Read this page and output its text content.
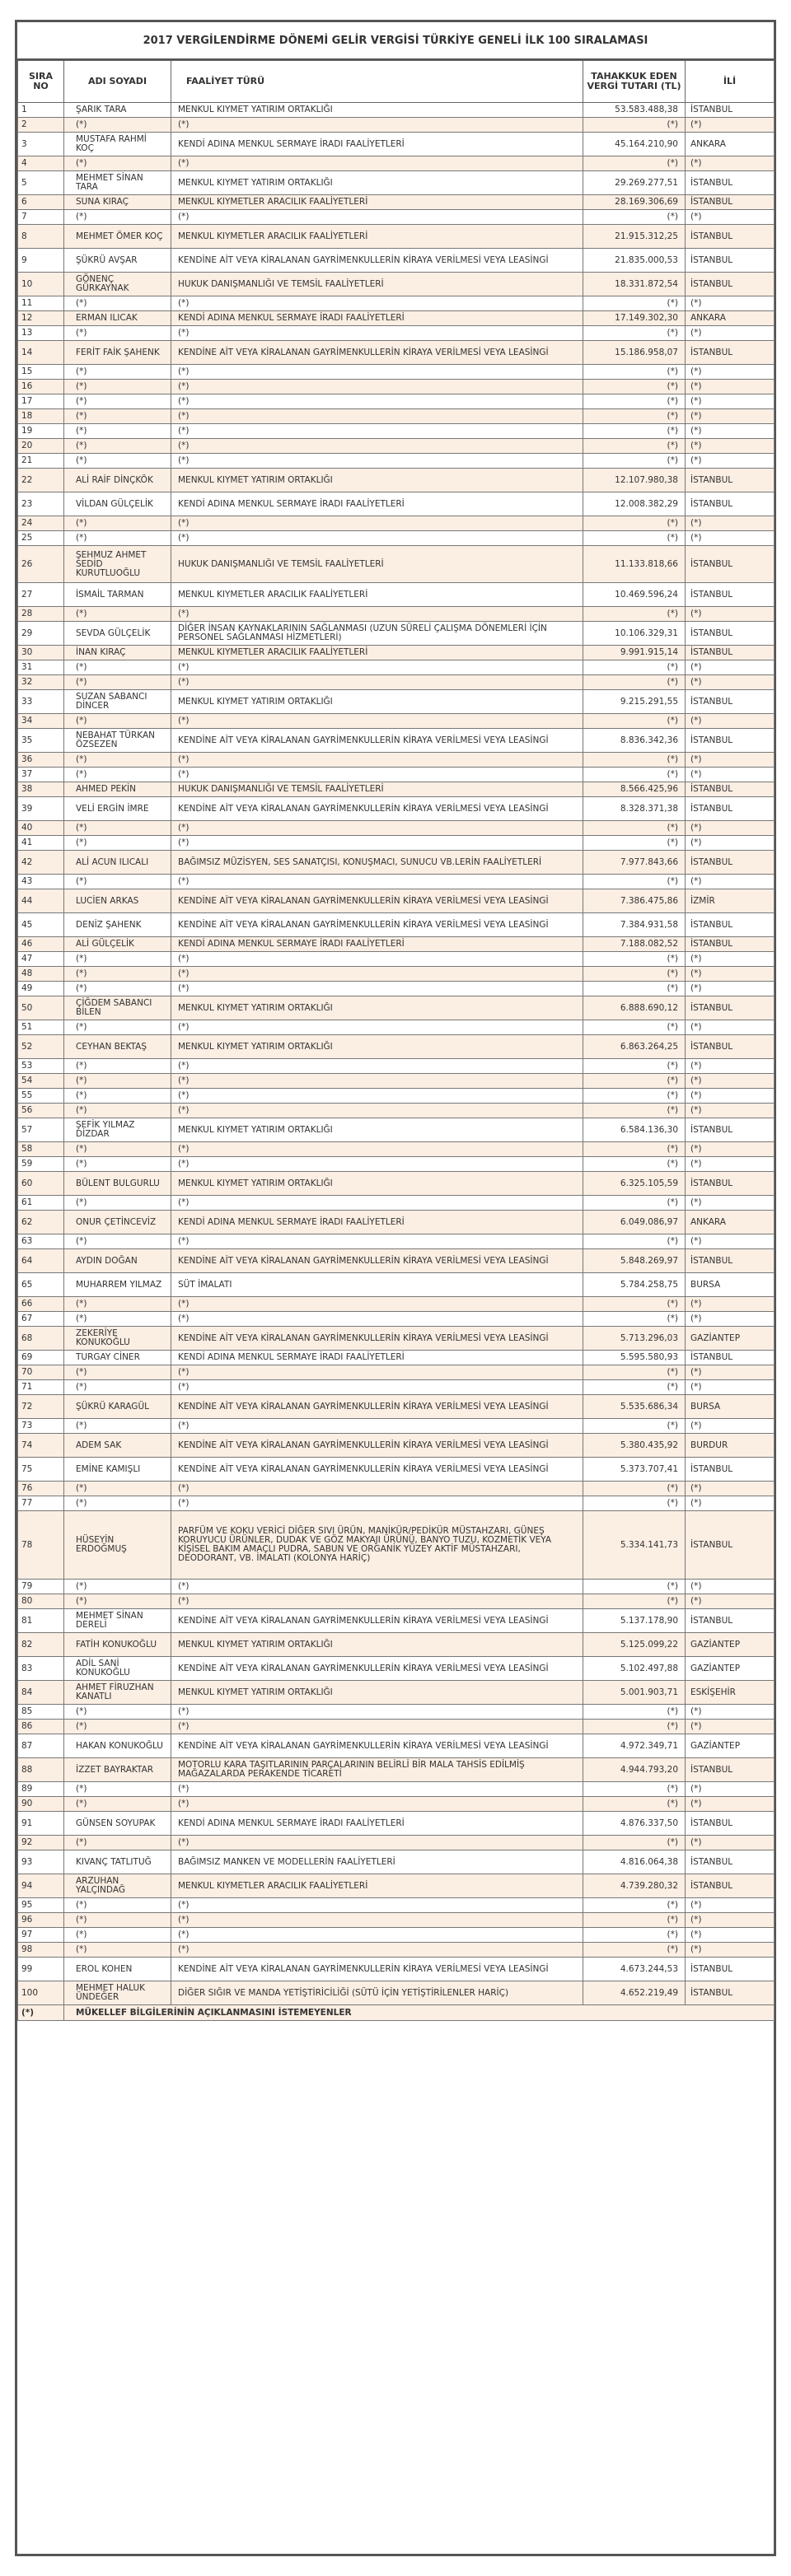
2017 VERGİLENDİRME DÖNEMİ GELİR VERGİSİ TÜRKİYE GENELİ İLK 100 SIRALAMASI
SIRA NO	ADI SOYADI	FAALİYET TÜRÜ	TAHAKKUK EDEN VERGİ TUTARI (TL)	İLİ
1	ŞARIK TARA	MENKUL KIYMET YATIRIM ORTAKLIĞI	53.583.488,38	İSTANBUL
2	(*)	(*)	(*)	(*)
3	MUSTAFA RAHMİ KOÇ	KENDİ ADINA MENKUL SERMAYE İRADI FAALİYETLERİ	45.164.210,90	ANKARA
4	(*)	(*)	(*)	(*)
5	MEHMET SİNAN TARA	MENKUL KIYMET YATIRIM ORTAKLIĞI	29.269.277,51	İSTANBUL
6	SUNA KIRAÇ	MENKUL KIYMETLER ARACILIK FAALİYETLERİ	28.169.306,69	İSTANBUL
7	(*)	(*)	(*)	(*)
8	MEHMET ÖMER KOÇ	MENKUL KIYMETLER ARACILIK FAALİYETLERİ	21.915.312,25	İSTANBUL
9	ŞÜKRÜ AVŞAR	KENDİNE AİT VEYA KİRALANAN GAYRİMENKULLERİN KİRAYA VERİLMESİ VEYA LEASİNGİ	21.835.000,53	İSTANBUL
10	GÖNENÇ GÜRKAYNAK	HUKUK DANIŞMANLIĞI VE TEMSİL FAALİYETLERİ	18.331.872,54	İSTANBUL
11	(*)	(*)	(*)	(*)
12	ERMAN ILICAK	KENDİ ADINA MENKUL SERMAYE İRADI FAALİYETLERİ	17.149.302,30	ANKARA
13	(*)	(*)	(*)	(*)
14	FERİT FAİK ŞAHENK	KENDİNE AİT VEYA KİRALANAN GAYRİMENKULLERİN KİRAYA VERİLMESİ VEYA LEASİNGİ	15.186.958,07	İSTANBUL
15	(*)	(*)	(*)	(*)
16	(*)	(*)	(*)	(*)
17	(*)	(*)	(*)	(*)
18	(*)	(*)	(*)	(*)
19	(*)	(*)	(*)	(*)
20	(*)	(*)	(*)	(*)
21	(*)	(*)	(*)	(*)
22	ALİ RAİF DİNÇKÖK	MENKUL KIYMET YATIRIM ORTAKLIĞI	12.107.980,38	İSTANBUL
23	VİLDAN GÜLÇELİK	KENDİ ADINA MENKUL SERMAYE İRADI FAALİYETLERİ	12.008.382,29	İSTANBUL
24	(*)	(*)	(*)	(*)
25	(*)	(*)	(*)	(*)
26	ŞEHMUZ AHMET SEDİD KURUTLUOĞLU	HUKUK DANIŞMANLIĞI VE TEMSİL FAALİYETLERİ	11.133.818,66	İSTANBUL
27	İSMAİL TARMAN	MENKUL KIYMETLER ARACILIK FAALİYETLERİ	10.469.596,24	İSTANBUL
28	(*)	(*)	(*)	(*)
29	SEVDA GÜLÇELİK	DİĞER İNSAN KAYNAKLARININ SAĞLANMASI (UZUN SÜRELİ ÇALIŞMA DÖNEMLERİ İÇİN PERSONEL SAĞLANMASI HİZMETLERİ)	10.106.329,31	İSTANBUL
30	İNAN KIRAÇ	MENKUL KIYMETLER ARACILIK FAALİYETLERİ	9.991.915,14	İSTANBUL
31	(*)	(*)	(*)	(*)
32	(*)	(*)	(*)	(*)
33	SUZAN SABANCI DİNCER	MENKUL KIYMET YATIRIM ORTAKLIĞI	9.215.291,55	İSTANBUL
34	(*)	(*)	(*)	(*)
35	NEBAHAT TÜRKAN ÖZSEZEN	KENDİNE AİT VEYA KİRALANAN GAYRİMENKULLERİN KİRAYA VERİLMESİ VEYA LEASİNGİ	8.836.342,36	İSTANBUL
36	(*)	(*)	(*)	(*)
37	(*)	(*)	(*)	(*)
38	AHMED PEKİN	HUKUK DANIŞMANLIĞI VE TEMSİL FAALİYETLERİ	8.566.425,96	İSTANBUL
39	VELİ ERGİN İMRE	KENDİNE AİT VEYA KİRALANAN GAYRİMENKULLERİN KİRAYA VERİLMESİ VEYA LEASİNGİ	8.328.371,38	İSTANBUL
40	(*)	(*)	(*)	(*)
41	(*)	(*)	(*)	(*)
42	ALİ ACUN ILICALI	BAĞIMSIZ MÜZİSYEN, SES SANATÇISI, KONUŞMACI, SUNUCU VB.LERİN FAALİYETLERİ	7.977.843,66	İSTANBUL
43	(*)	(*)	(*)	(*)
44	LUCİEN ARKAS	KENDİNE AİT VEYA KİRALANAN GAYRİMENKULLERİN KİRAYA VERİLMESİ VEYA LEASİNGİ	7.386.475,86	İZMİR
45	DENİZ ŞAHENK	KENDİNE AİT VEYA KİRALANAN GAYRİMENKULLERİN KİRAYA VERİLMESİ VEYA LEASİNGİ	7.384.931,58	İSTANBUL
46	ALİ GÜLÇELİK	KENDİ ADINA MENKUL SERMAYE İRADI FAALİYETLERİ	7.188.082,52	İSTANBUL
47	(*)	(*)	(*)	(*)
48	(*)	(*)	(*)	(*)
49	(*)	(*)	(*)	(*)
50	ÇİĞDEM SABANCI BİLEN	MENKUL KIYMET YATIRIM ORTAKLIĞI	6.888.690,12	İSTANBUL
51	(*)	(*)	(*)	(*)
52	CEYHAN BEKTAŞ	MENKUL KIYMET YATIRIM ORTAKLIĞI	6.863.264,25	İSTANBUL
53	(*)	(*)	(*)	(*)
54	(*)	(*)	(*)	(*)
55	(*)	(*)	(*)	(*)
56	(*)	(*)	(*)	(*)
57	ŞEFİK YILMAZ DİZDAR	MENKUL KIYMET YATIRIM ORTAKLIĞI	6.584.136,30	İSTANBUL
58	(*)	(*)	(*)	(*)
59	(*)	(*)	(*)	(*)
60	BÜLENT BULGURLU	MENKUL KIYMET YATIRIM ORTAKLIĞI	6.325.105,59	İSTANBUL
61	(*)	(*)	(*)	(*)
62	ONUR ÇETİNCEVİZ	KENDİ ADINA MENKUL SERMAYE İRADI FAALİYETLERİ	6.049.086,97	ANKARA
63	(*)	(*)	(*)	(*)
64	AYDIN DOĞAN	KENDİNE AİT VEYA KİRALANAN GAYRİMENKULLERİN KİRAYA VERİLMESİ VEYA LEASİNGİ	5.848.269,97	İSTANBUL
65	MUHARREM YILMAZ	SÜT İMALATI	5.784.258,75	BURSA
66	(*)	(*)	(*)	(*)
67	(*)	(*)	(*)	(*)
68	ZEKERİYE KONUKOĞLU	KENDİNE AİT VEYA KİRALANAN GAYRİMENKULLERİN KİRAYA VERİLMESİ VEYA LEASİNGİ	5.713.296,03	GAZİANTEP
69	TURGAY CİNER	KENDİ ADINA MENKUL SERMAYE İRADI FAALİYETLERİ	5.595.580,93	İSTANBUL
70	(*)	(*)	(*)	(*)
71	(*)	(*)	(*)	(*)
72	ŞÜKRÜ KARAGÜL	KENDİNE AİT VEYA KİRALANAN GAYRİMENKULLERİN KİRAYA VERİLMESİ VEYA LEASİNGİ	5.535.686,34	BURSA
73	(*)	(*)	(*)	(*)
74	ADEM SAK	KENDİNE AİT VEYA KİRALANAN GAYRİMENKULLERİN KİRAYA VERİLMESİ VEYA LEASİNGİ	5.380.435,92	BURDUR
75	EMİNE KAMIŞLI	KENDİNE AİT VEYA KİRALANAN GAYRİMENKULLERİN KİRAYA VERİLMESİ VEYA LEASİNGİ	5.373.707,41	İSTANBUL
76	(*)	(*)	(*)	(*)
77	(*)	(*)	(*)	(*)
78	HÜSEYİN ERDOĞMUŞ	PARFÜM VE KOKU VERİCİ DİĞER SIVI ÜRÜN, MANİKÜR/PEDİKÜR MÜSTAHZARI, GÜNEŞ KORUYUCU ÜRÜNLER, DUDAK VE GÖZ MAKYAJI ÜRÜNÜ, BANYO TUZU, KOZMETİK VEYA KİŞİSEL BAKIM AMAÇLI PUDRA, SABUN VE ORGANİK YÜZEY AKTİF MÜSTAHZARI, DEODORANT, VB. İMALATI (KOLONYA HARİÇ)	5.334.141,73	İSTANBUL
79	(*)	(*)	(*)	(*)
80	(*)	(*)	(*)	(*)
81	MEHMET SİNAN DERELİ	KENDİNE AİT VEYA KİRALANAN GAYRİMENKULLERİN KİRAYA VERİLMESİ VEYA LEASİNGİ	5.137.178,90	İSTANBUL
82	FATİH KONUKOĞLU	MENKUL KIYMET YATIRIM ORTAKLIĞI	5.125.099,22	GAZİANTEP
83	ADİL SANİ KONUKOĞLU	KENDİNE AİT VEYA KİRALANAN GAYRİMENKULLERİN KİRAYA VERİLMESİ VEYA LEASİNGİ	5.102.497,88	GAZİANTEP
84	AHMET FİRUZHAN KANATLI	MENKUL KIYMET YATIRIM ORTAKLIĞI	5.001.903,71	ESKİŞEHİR
85	(*)	(*)	(*)	(*)
86	(*)	(*)	(*)	(*)
87	HAKAN KONUKOĞLU	KENDİNE AİT VEYA KİRALANAN GAYRİMENKULLERİN KİRAYA VERİLMESİ VEYA LEASİNGİ	4.972.349,71	GAZİANTEP
88	İZZET BAYRAKTAR	MOTORLU KARA TAŞITLARININ PARÇALARININ BELİRLİ BİR MALA TAHSİS EDİLMİŞ MAĞAZALARDA PERAKENDE TİCARETİ	4.944.793,20	İSTANBUL
89	(*)	(*)	(*)	(*)
90	(*)	(*)	(*)	(*)
91	GÜNSEN SOYUPAK	KENDİ ADINA MENKUL SERMAYE İRADI FAALİYETLERİ	4.876.337,50	İSTANBUL
92	(*)	(*)	(*)	(*)
93	KIVANÇ TATLITUĞ	BAĞIMSIZ MANKEN VE MODELLERİN FAALİYETLERİ	4.816.064,38	İSTANBUL
94	ARZUHAN YALÇINDAĞ	MENKUL KIYMETLER ARACILIK FAALİYETLERİ	4.739.280,32	İSTANBUL
95	(*)	(*)	(*)	(*)
96	(*)	(*)	(*)	(*)
97	(*)	(*)	(*)	(*)
98	(*)	(*)	(*)	(*)
99	EROL KOHEN	KENDİNE AİT VEYA KİRALANAN GAYRİMENKULLERİN KİRAYA VERİLMESİ VEYA LEASİNGİ	4.673.244,53	İSTANBUL
100	MEHMET HALUK ÜNDEĞER	DİĞER SIĞIR VE MANDA YETİŞTİRİCİLİĞİ (SÜTÜ İÇİN YETİŞTİRİLENLER HARİÇ)	4.652.219,49	İSTANBUL
(*)	MÜKELLEF BİLGİLERİNİN AÇIKLANMASINI İSTEMEYENLER			
